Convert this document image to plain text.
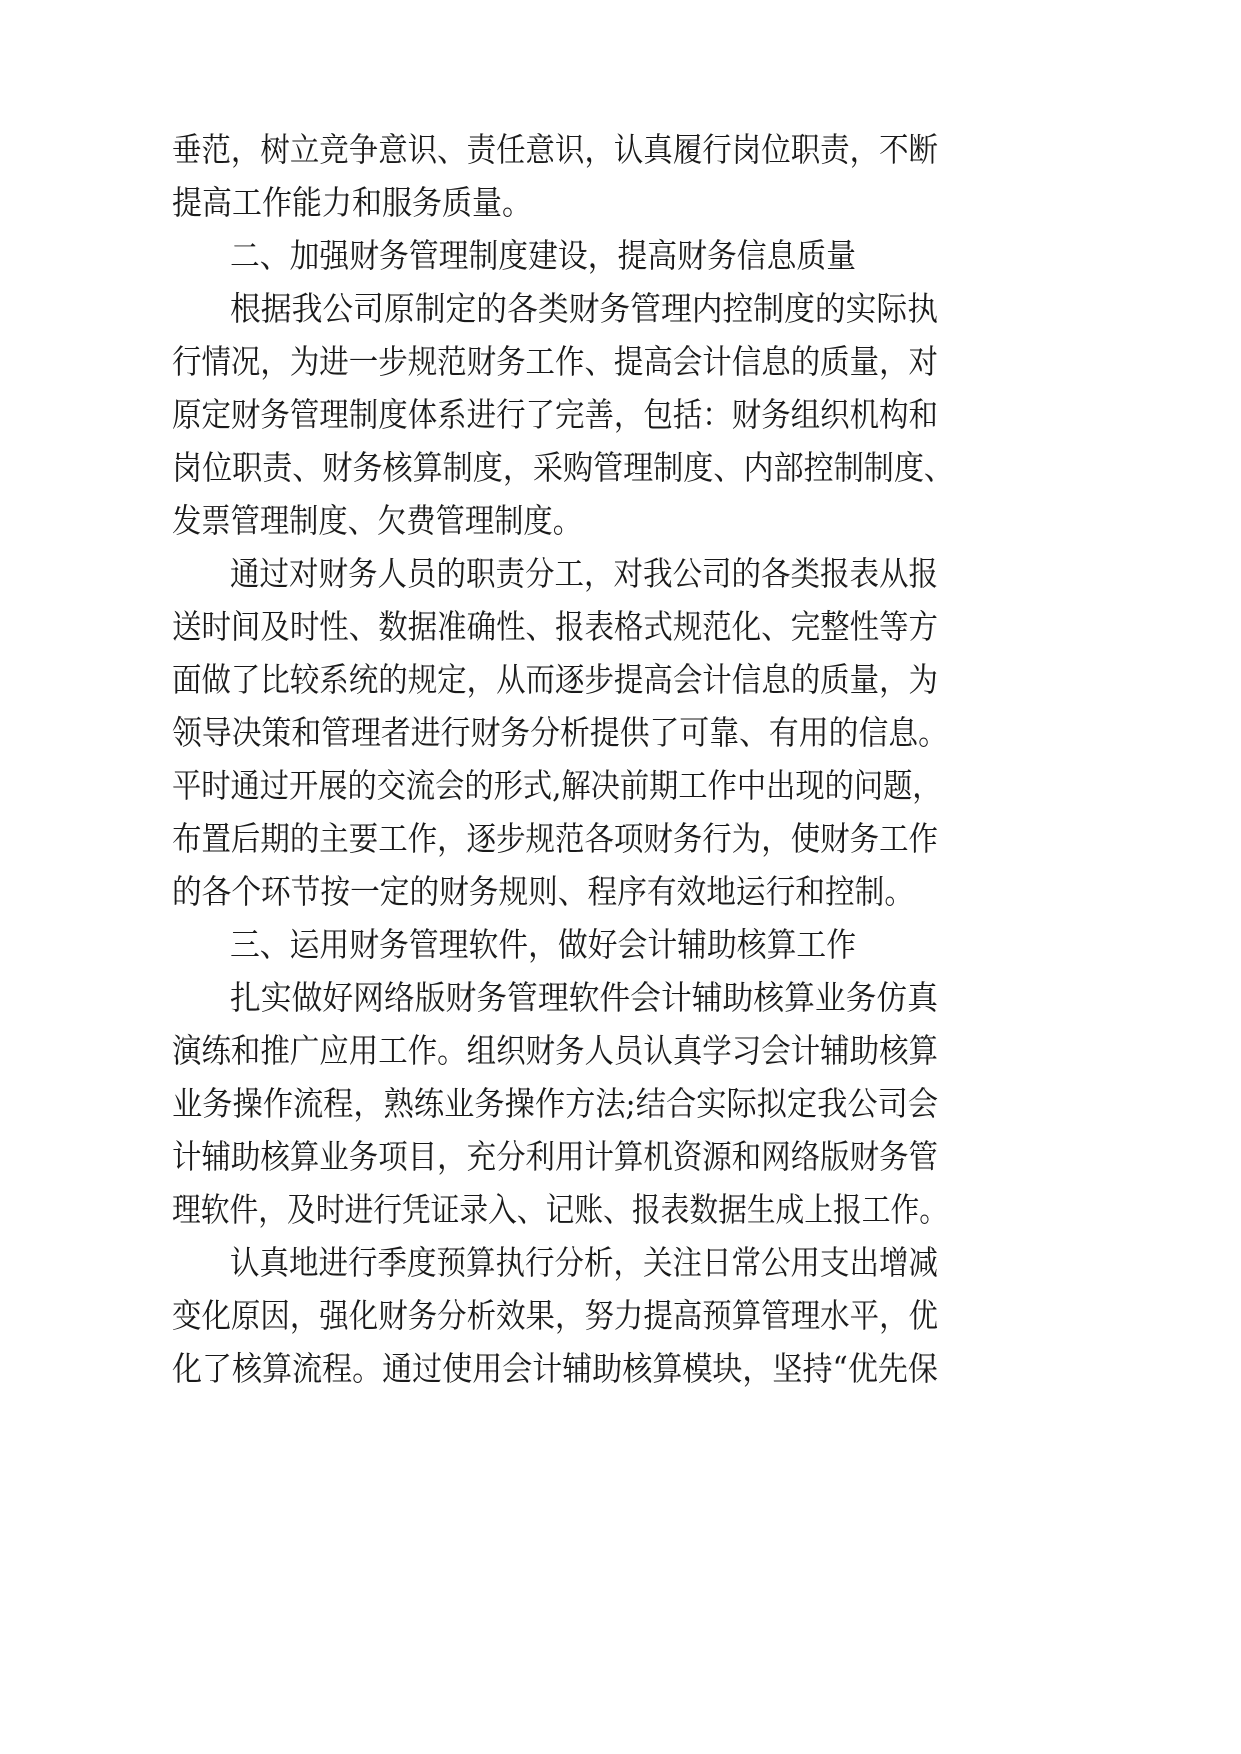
垂范，树立竞争意识、责任意识，认真履行岗位职责，不断
提高工作能力和服务质量。
二、加强财务管理制度建设，提高财务信息质量
根据我公司原制定的各类财务管理内控制度的实际执
行情况，为进一步规范财务工作、提高会计信息的质量，对
原定财务管理制度体系进行了完善，包括：财务组织机构和
岗位职责、财务核算制度，采购管理制度、内部控制制度、
发票管理制度、欠费管理制度。
通过对财务人员的职责分工，对我公司的各类报表从报
送时间及时性、数据准确性、报表格式规范化、完整性等方
面做了比较系统的规定，从而逐步提高会计信息的质量，为
领导决策和管理者进行财务分析提供了可靠、有用的信息。
平时通过开展的交流会的形式,解决前期工作中出现的问题，
布置后期的主要工作，逐步规范各项财务行为，使财务工作
的各个环节按一定的财务规则、程序有效地运行和控制。
三、运用财务管理软件，做好会计辅助核算工作
扎实做好网络版财务管理软件会计辅助核算业务仿真
演练和推广应用工作。组织财务人员认真学习会计辅助核算
业务操作流程，熟练业务操作方法;结合实际拟定我公司会
计辅助核算业务项目，充分利用计算机资源和网络版财务管
理软件，及时进行凭证录入、记账、报表数据生成上报工作。
认真地进行季度预算执行分析，关注日常公用支出增减
变化原因，强化财务分析效果，努力提高预算管理水平，优
化了核算流程。通过使用会计辅助核算模块，坚持“优先保
